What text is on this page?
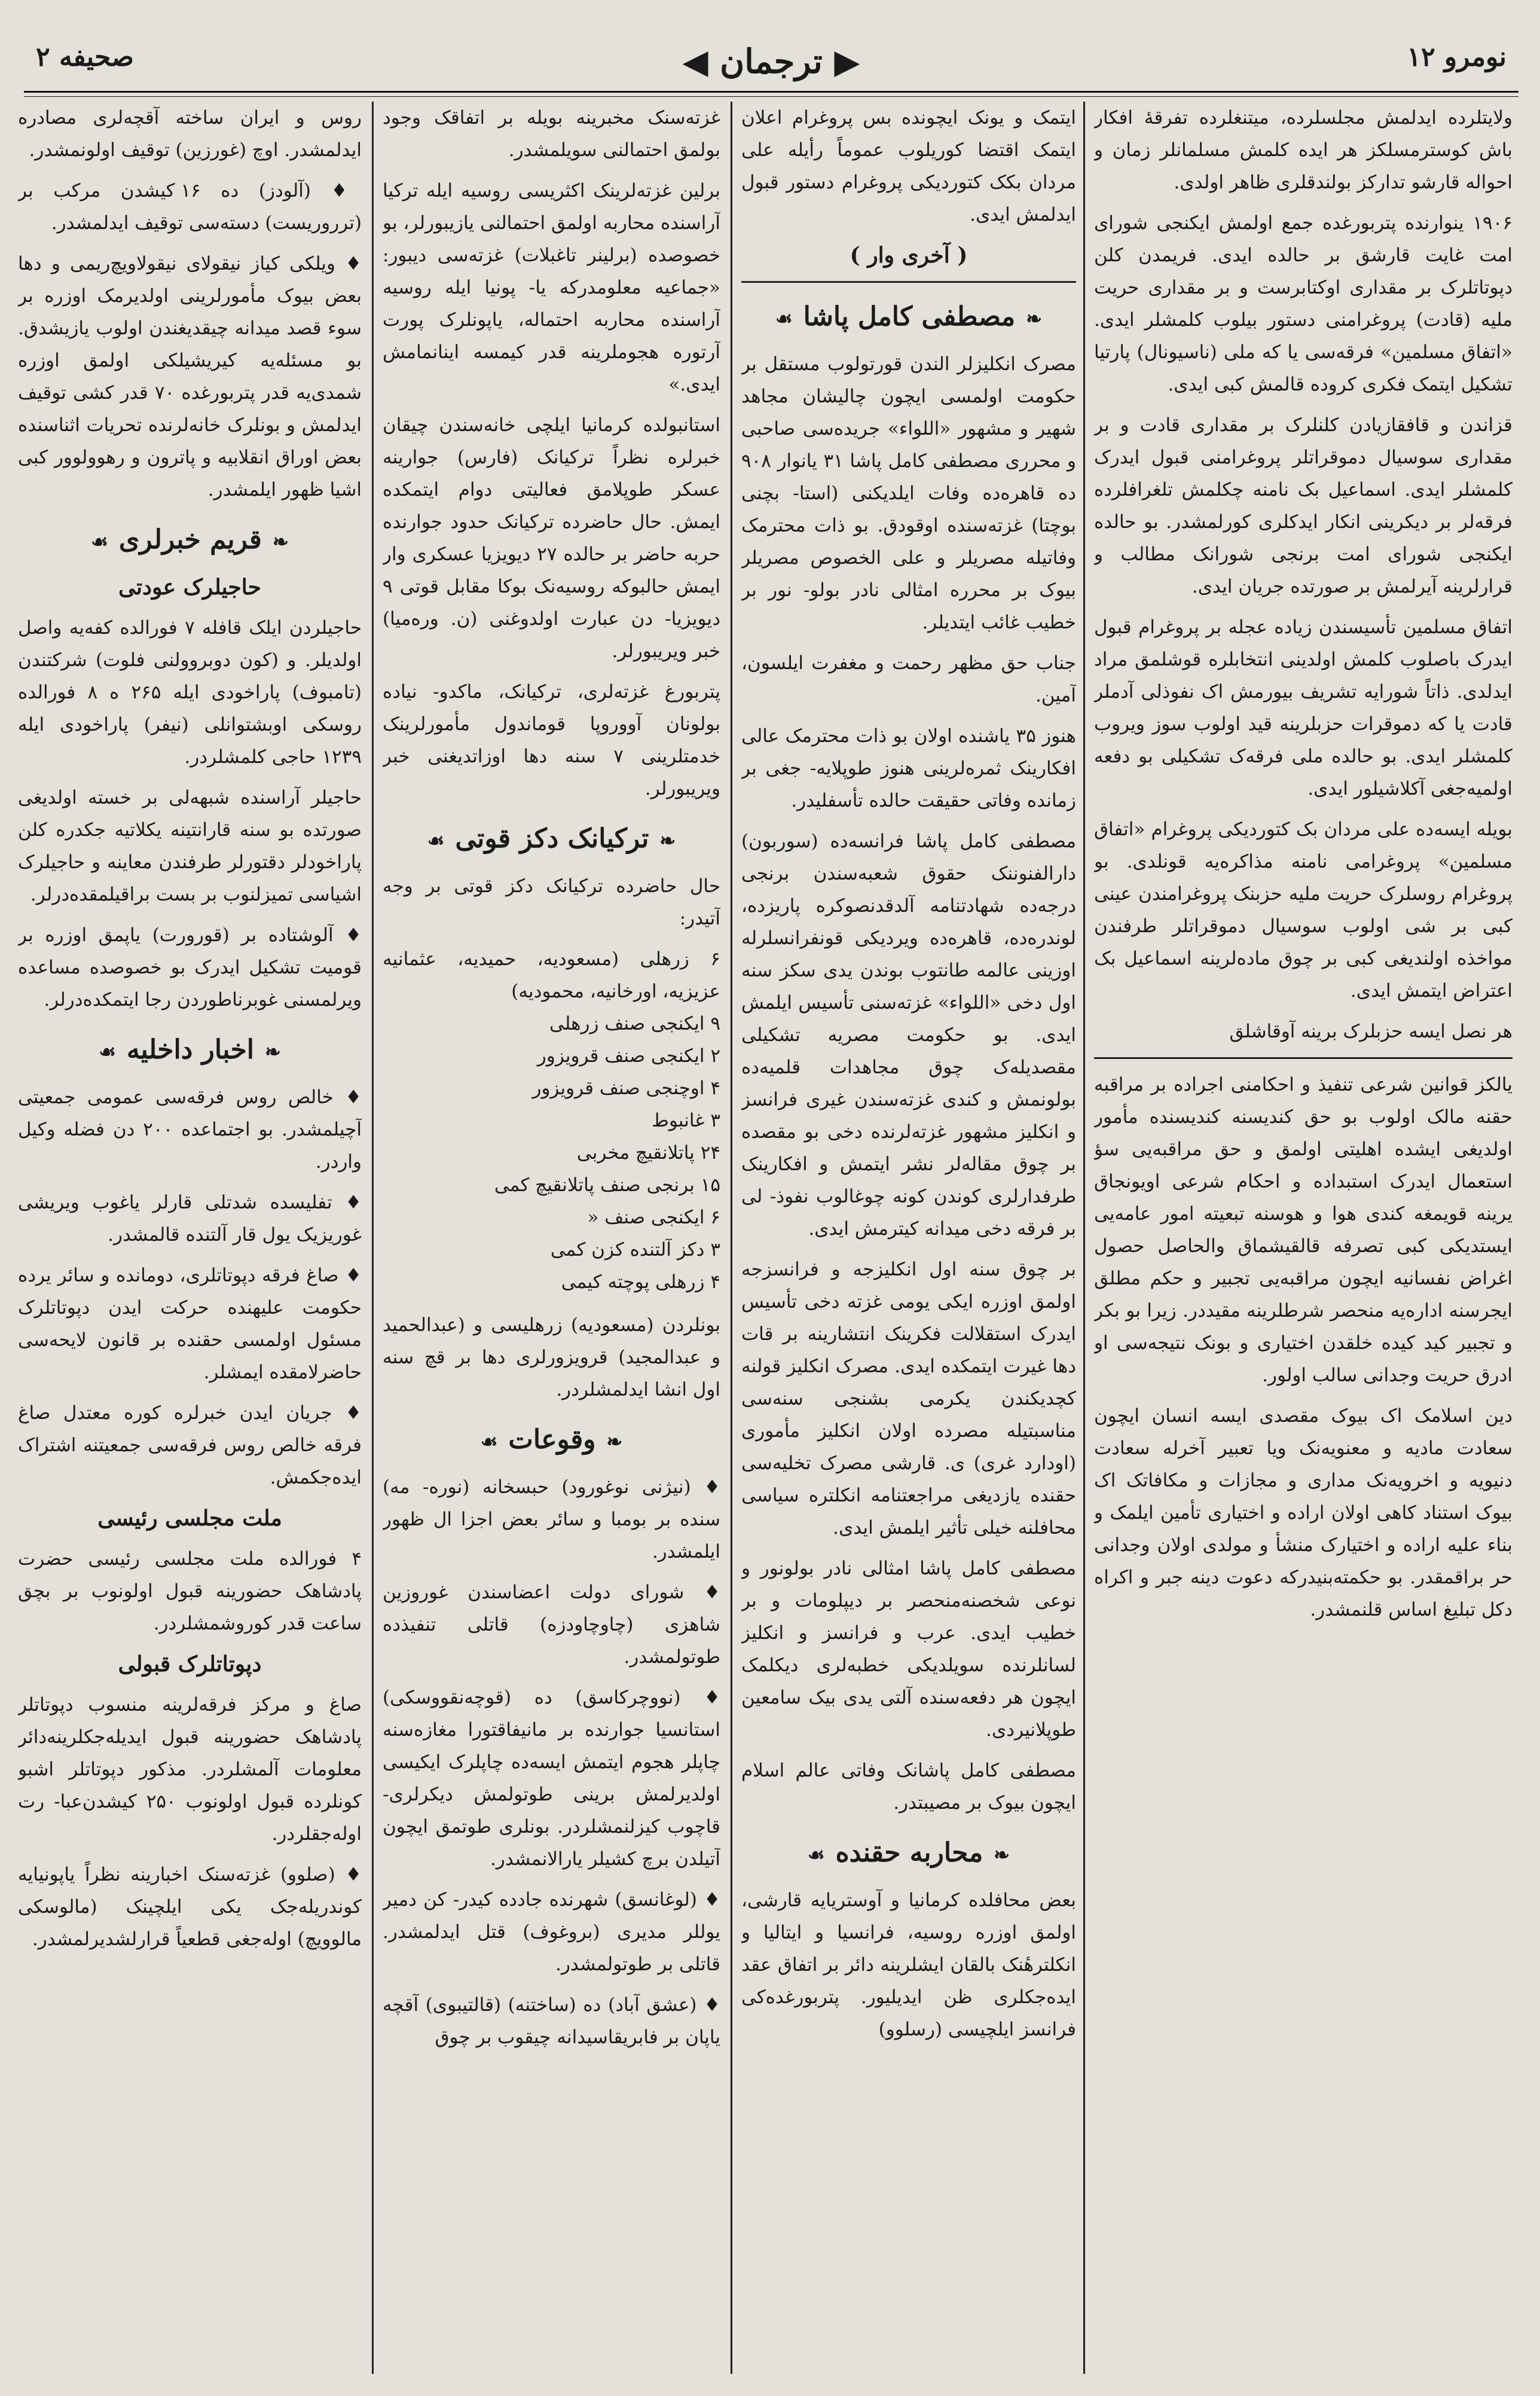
نومرو ۱۲
▶ ترجمان ◀
صحیفه ۲
ولایتلرده ایدلمش مجلسلرده، میتنغلرده تفرقهٔ افکار باش کوسترمسلکز هر ایده کلمش مسلمانلر زمان و احواله قارشو تدارکز بولندقلری ظاهر اولدی.
۱۹۰۶ ینوارنده پتربورغده جمع اولمش ایکنجی شورای امت غایت قارشق بر حالده ایدی. فریمدن کلن دپوتاتلرک بر مقداری اوکتابرست و بر مقداری حریت ملیه (قادت) پروغرامنی دستور بیلوب کلمشلر ایدی. «اتفاق مسلمین» فرقه‌سی یا که ملی (ناسیونال) پارتیا تشکیل ایتمک فکری کروده قالمش کبی ایدی.
قزاندن و قافقازیادن کلنلرک بر مقداری قادت و بر مقداری سوسیال دموقراتلر پروغرامنی قبول ایدرک کلمشلر ایدی. اسماعیل بک نامنه چکلمش تلغرافلرده فرقه‌لر بر دیکرینی انکار ایدکلری کورلمشدر. بو حالده ایکنجی شورای امت برنجی شورانک مطالب و قرارلرینه آیرلمش بر صورتده جریان ایدی.
اتفاق مسلمین تأسیسندن زیاده عجله بر پروغرام قبول ایدرک باصلوب کلمش اولدینی انتخابلره قوشلمق مراد ایدلدی. ذاتاً شورایه تشریف بیورمش اک نفوذلی آدملر قادت یا که دموقرات حزبلرینه قید اولوب سوز ویروب کلمشلر ایدی. بو حالده ملی فرقه‌ک تشکیلی بو دفعه اولمیه‌جغی آکلاشیلور ایدی.
بویله ایسه‌ده علی مردان بک کتوردیکی پروغرام «اتفاق مسلمین» پروغرامی نامنه مذاکره‌یه قونلدی. بو پروغرام روسلرک حریت ملیه حزبنک پروغرامندن عینی کبی بر شی اولوب سوسیال دموقراتلر طرفندن مواخذه اولندیغی کبی بر چوق ماده‌لرینه اسماعیل بک اعتراض ایتمش ایدی.
هر نصل ایسه حزبلرک برینه آوقاشلق
یالکز قوانین شرعی تنفیذ و احکامنی اجراده بر مراقبه حقنه مالک اولوب بو حق کندیسنه کندیسنده مأمور اولدیغی ایشده اهلیتی اولمق و حق مراقبه‌یی سؤ استعمال ایدرک استبداده و احکام شرعی اویونجاق یرینه قویمغه کندی هوا و هوسنه تبعیته امور عامه‌یی ایستدیکی کبی تصرفه قالقیشماق والحاصل حصول اغراض نفسانیه ایچون مراقبه‌یی تجبیر و حکم مطلق ایجرسنه اداره‌یه منحصر شرطلرینه مقیددر. زیرا بو بکر و تجبیر کید کیده خلقدن اختیاری و بونک نتیجه‌سی او ادرق حریت وجدانی سالب اولور.
دین اسلامک اک بیوک مقصدی ایسه انسان ایچون سعادت مادیه و معنویه‌نک ویا تعبیر آخرله سعادت دنیویه و اخرویه‌نک مداری و مجازات و مکافاتک اک بیوک استناد کاهی اولان اراده و اختیاری تأمین ایلمک و بناء علیه اراده و اختیارک منشأ و مولدی اولان وجدانی حر براقمقدر. بو حکمته‌بنیدرکه دعوت دینه جبر و اکراه دکل تبلیغ اساس قلنمشدر.
ایتمک و یونک ایچونده بس پروغرام اعلان ایتمک اقتضا کوریلوب عموماً رأیله علی مردان بکک کتوردیکی پروغرام دستور قبول ایدلمش ایدی.
( آخری وار )
❧مصطفی کامل پاشا☙
مصرک انکلیزلر الندن قورتولوب مستقل بر حکومت اولمسی ایچون چالیشان مجاهد شهیر و مشهور «اللواء» جریده‌سی صاحبی و محرری مصطفی کامل پاشا ۳۱ یانوار ۹۰۸ ده قاهره‌ده وفات ایلدیکنی (استا- بچنی بوچتا) غزته‌سنده اوقودق. بو ذات محترمک وفاتیله مصریلر و علی الخصوص مصریلر بیوک بر محرره امثالی نادر بولو- نور بر خطیب غائب ایتدیلر.
جناب حق مظهر رحمت و مغفرت ایلسون، آمین.
هنوز ۳۵ یاشنده اولان بو ذات محترمک عالی افکارینک ثمره‌لرینی هنوز طوپلایه- جغی بر زمانده وفاتی حقیقت حالده تأسفلیدر.
مصطفی کامل پاشا فرانسه‌ده (سوربون) دارالفنوننک حقوق شعبه‌سندن برنجی درجه‌ده شهادتنامه آلدقدنصوکره پاریزده، لوندره‌ده، قاهره‌ده ویردیکی قونفرانسلرله اوزینی عالمه طانتوب بوندن یدی سکز سنه اول دخی «اللواء» غزته‌سنی تأسیس ایلمش ایدی. بو حکومت مصریه تشکیلی مقصدیله‌ک چوق مجاهدات قلمیه‌ده بولونمش و کندی غزته‌سندن غیری فرانسز و انکلیز مشهور غزته‌لرنده دخی بو مقصده بر چوق مقاله‌لر نشر ایتمش و افکارینک طرفدارلری کوندن کونه چوغالوب نفوذ- لی بر فرقه دخی میدانه کیترمش ایدی.
بر چوق سنه اول انکلیزجه و فرانسزجه اولمق اوزره ایکی یومی غزته دخی تأسیس ایدرک استقلالت فکرینک انتشارینه بر قات دها غیرت ایتمکده ایدی. مصرک انکلیز قولنه کچدیکندن یکرمی بشنجی سنه‌سی مناسبتیله مصرده اولان انکلیز مأموری (اودارد غری) ی. قارشی مصرک تخلیه‌سی حقنده یازدیغی مراجعتنامه انکلتره سیاسی محافلنه خیلی تأثیر ایلمش ایدی.
مصطفی کامل پاشا امثالی نادر بولونور و نوعی شخصنه‌منحصر بر دیپلومات و بر خطیب ایدی. عرب و فرانسز و انکلیز لسانلرنده سویلدیکی خطبه‌لری دیکلمک ایچون هر دفعه‌سنده آلتی یدی بیک سامعین طوپلانیردی.
مصطفی کامل پاشانک وفاتی عالم اسلام ایچون بیوک بر مصیبتدر.
❧محاربه حقنده☙
بعض محافلده کرمانیا و آوستریایه قارشی، اولمق اوزره روسیه، فرانسیا و ایتالیا و انکلترهٔنک بالقان ایشلرینه دائر بر اتفاق عقد ایده‌جکلری ظن ایدیلیور. پتربورغده‌کی فرانسز ایلچیسی (رسلوو)
غزته‌سنک مخبرینه بویله بر اتفاقک وجود بولمق احتمالنی سویلمشدر.
برلین غزته‌لرینک اکثریسی روسیه ایله ترکیا آراسنده محاربه اولمق احتمالنی یازیبورلر، بو خصوصده (برلینر تاغبلات) غزته‌سی دیبور: «جماعیه معلومدرکه یا- پونیا ایله روسیه آراسنده محاربه احتماله، یاپونلرک پورت آرتوره هجوملرینه قدر کیمسه اینانمامش ایدی.»
استانبولده کرمانیا ایلچی خانه‌سندن چیقان خبرلره نظراً ترکیانک (فارس) جوارینه عسکر طوپلامق فعالیتی دوام ایتمکده ایمش. حال حاضرده ترکیانک حدود جوارنده حربه حاضر بر حالده ۲۷ دیویزیا عسکری وار ایمش حالبوکه روسیه‌نک بوکا مقابل قوتی ۹ دیویزیا- دن عبارت اولدوغنی (ن. وره‌میا) خبر ویریبورلر.
پتربورغ غزته‌لری، ترکیانک، ماکدو- نیاده بولونان آووروپا قوماندول مأمورلرینک خدمتلرینی ۷ سنه دها اوزاتدیغنی خبر ویریبورلر.
❧ترکیانک دکز قوتی☙
حال حاضرده ترکیانک دکز قوتی بر وجه آتیدر:
۶ زرهلی (مسعودیه، حمیدیه، عثمانیه عزیزیه، اورخانیه، محمودیه)
۹ ایکنجی صنف زرهلی
۲ ایکنجی صنف قرویزور
۴ اوچنجی صنف قرویزور
۳ غانبوط
۲۴ پاتلانقیچ مخربی
۱۵ برنجی صنف پاتلانقیچ کمی
۶ ایکنجی صنف «
۳ دکز آلتنده کزن کمی
۴ زرهلی پوچته کیمی
بونلردن (مسعودیه) زرهلیسی و (عبدالحمید و عبدالمجید) قرویزورلری دها بر قچ سنه اول انشا ایدلمشلردر.
❧وقوعات☙
♦ (نیژنی نوغورود) حبسخانه (نوره- مه) سنده بر بومبا و سائر بعض اجزا ال ظهور ایلمشدر.
♦ شورای دولت اعضاسندن غوروزین شاهزی (چاوچاودزه) قاتلی تنفیذده طوتولمشدر.
♦ (نووچرکاسق) ده (قوچه‌نقووسکی) استانسیا جوارنده بر مانیفاقتورا مغازه‌سنه چاپلر هجوم ایتمش ایسه‌ده چاپلرک ایکیسی اولدیرلمش برینی طوتولمش دیکرلری- قاچوب کیزلنمشلردر. بونلری طوتمق ایچون آتیلدن برچ کشیلر یارالانمشدر.
♦ (لوغانسق) شهرنده جادده کیدر- کن دمیر یوللر مدیری (بروغوف) قتل ایدلمشدر. قاتلی بر طوتولمشدر.
♦ (عشق آباد) ده (ساختنه) (قالتیبوی) آقچه یاپان بر فابریقاسیدانه چیقوب بر چوق
روس و ایران ساخته آقچه‌لری مصادره ایدلمشدر. اوچ (غورزین) توقیف اولونمشدر.
♦ (آلودز) ده ۱۶ کیشدن مرکب بر (ترروریست) دسته‌سی توقیف ایدلمشدر.
♦ ویلکی کیاز نیقولای نیقولاویچ‌ریمی و دها بعض بیوک مأمورلرینی اولدیرمک اوزره بر سوء قصد میدانه چیقدیغندن اولوب یازیشدق. بو مسئله‌یه کیریشیلکی اولمق اوزره شمدی‌یه قدر پتربورغده ۷۰ قدر کشی توقیف ایدلمش و بونلرک خانه‌لرنده تحریات اثناسنده بعض اوراق انقلابیه و پاترون و رهوولوور کبی اشیا ظهور ایلمشدر.
❧قریم خبرلری☙
حاجیلرک عودتی
حاجیلردن ایلک قافله ۷ فورالده کفه‌یه واصل اولدیلر. و (کون دوبروولنی فلوت) شرکتندن (تامبوف) پاراخودی ایله ۲۶۵ ه ۸ فورالده روسکی اوبشتوانلی (نیفر) پاراخودی ایله ۱۲۳۹ حاجی کلمشلردر.
حاجیلر آراسنده شبهه‌لی بر خسته اولدیغی صورتده بو سنه قارانتینه یکلاتیه جکدره کلن پاراخودلر دقتورلر طرفندن معاینه و حاجیلرک اشیاسی تمیزلنوب بر بست براقیلمقده‌درلر.
♦ آلوشتاده بر (قورورت) یاپمق اوزره بر قومیت تشکیل ایدرک بو خصوصده مساعده ویرلمسنی غوبرناطوردن رجا ایتمکده‌درلر.
❧اخبار داخلیه☙
♦ خالص روس فرقه‌سی عمومی جمعیتی آچیلمشدر. بو اجتماعده ۲۰۰ دن فضله وکیل واردر.
♦ تفلیسده شدتلی قارلر یاغوب ویریشی غوریزیک یول قار آلتنده قالمشدر.
♦ صاغ فرقه دپوتاتلری، دومانده و سائر یرده حکومت علیهنده حرکت ایدن دپوتاتلرک مسئول اولمسی حقنده بر قانون لایحه‌سی حاضرلامقده ایمشلر.
♦ جریان ایدن خبرلره کوره معتدل صاغ فرقه خالص روس فرقه‌سی جمعیتنه اشتراک ایده‌جکمش.
ملت مجلسی رئیسی
۴ فورالده ملت مجلسی رئیسی حضرت پادشاهک حضورینه قبول اولونوب بر بچق ساعت قدر کوروشمشلردر.
دپوتاتلرک قبولی
صاغ و مرکز فرقه‌لرینه منسوب دپوتاتلر پادشاهک حضورینه قبول ایدیله‌جکلرینه‌دائر معلومات آلمشلردر. مذکور دپوتاتلر اشبو کونلرده قبول اولونوب ۲۵۰ کیشدن‌عبا- رت اوله‌جقلردر.
♦ (صلوو) غزته‌سنک اخبارینه نظراً یاپونیایه کوندریله‌جک یکی ایلچینک (مالوسکی مالوویچ) اوله‌جغی قطعیاً قرارلشدیرلمشدر.
